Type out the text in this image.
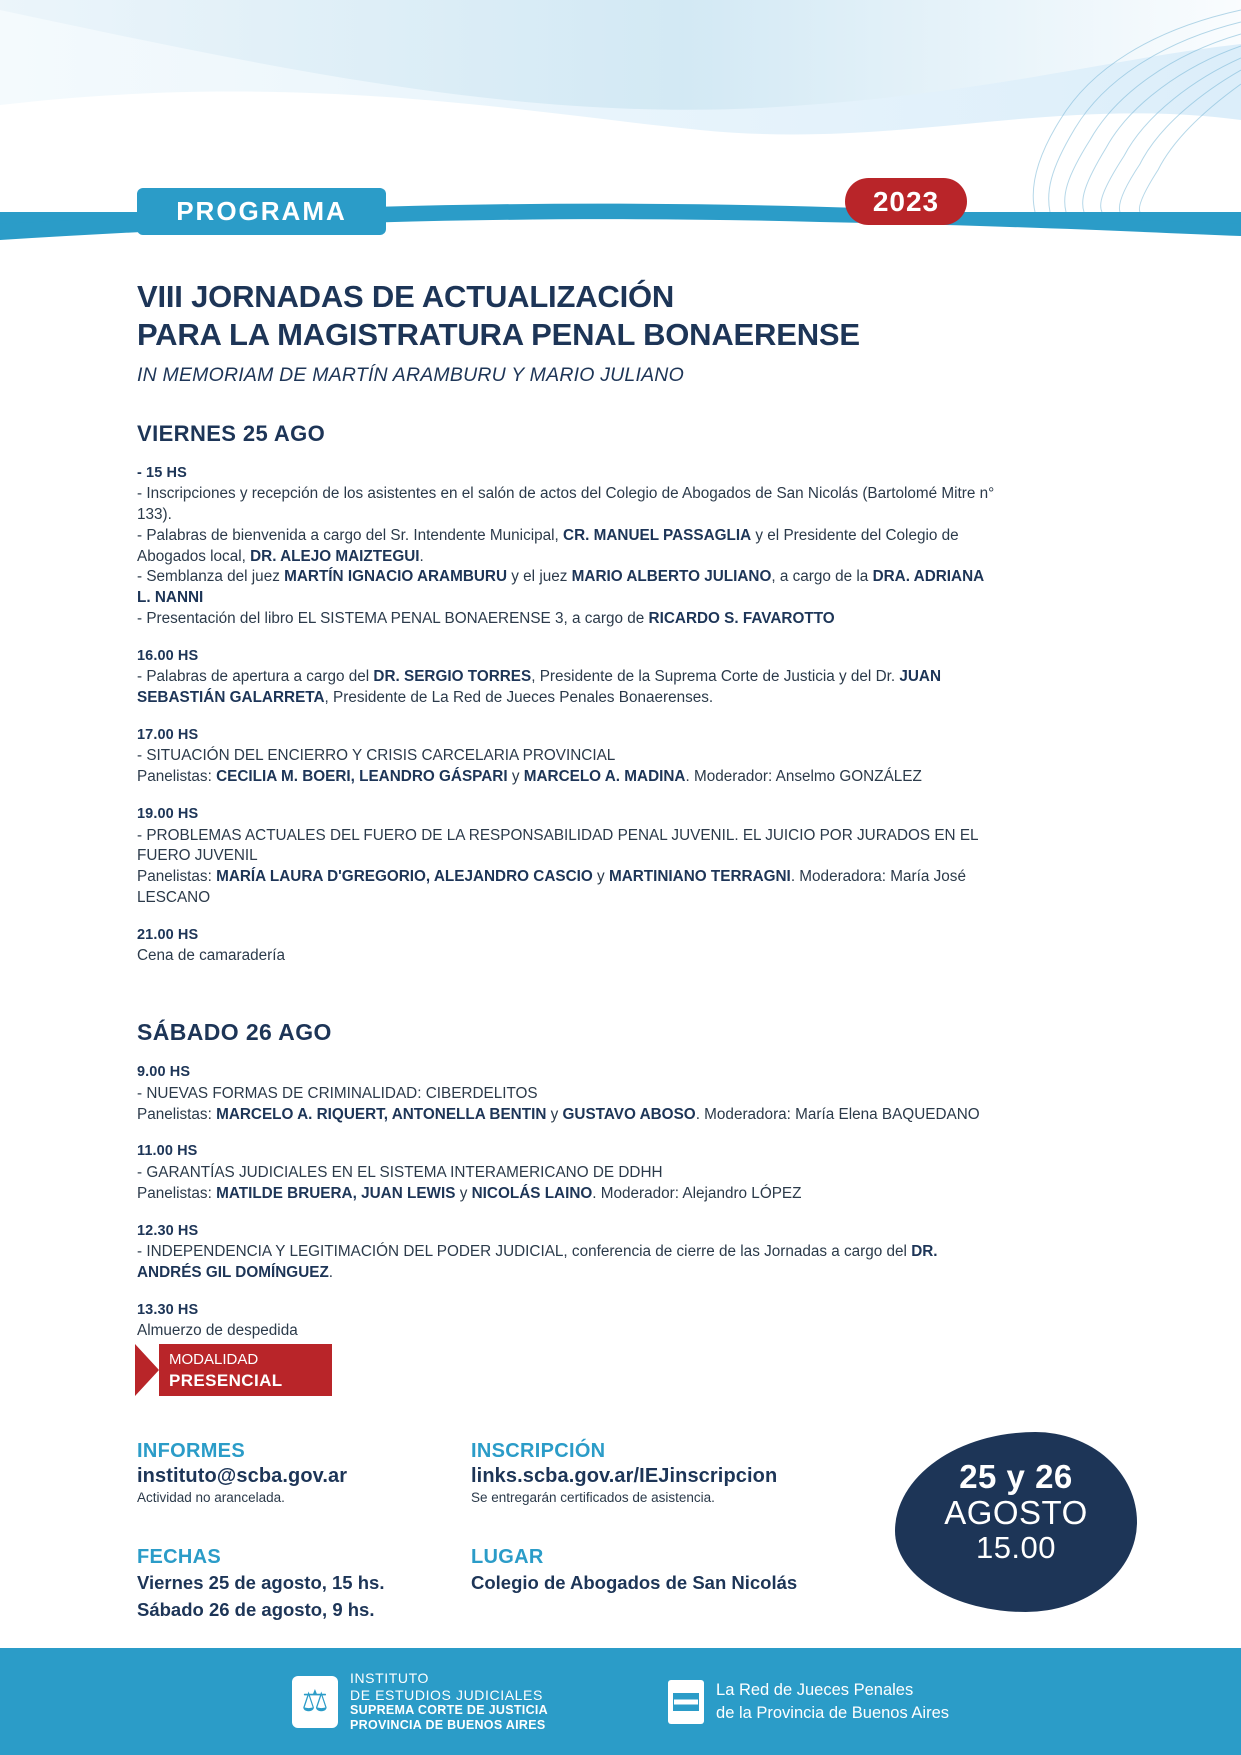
PROGRAMA	2023
VIII JORNADAS DE ACTUALIZACIÓN
PARA LA MAGISTRATURA PENAL BONAERENSE
IN MEMORIAM DE MARTÍN ARAMBURU Y MARIO JULIANO
VIERNES 25 AGO
- 15 HS
- Inscripciones y recepción de los asistentes en el salón de actos del Colegio de Abogados de San Nicolás (Bartolomé Mitre n° 133).
- Palabras de bienvenida a cargo del Sr. Intendente Municipal, CR. MANUEL PASSAGLIA y el Presidente del Colegio de Abogados local, DR. ALEJO MAIZTEGUI.
- Semblanza del juez MARTÍN IGNACIO ARAMBURU y el juez MARIO ALBERTO JULIANO, a cargo de la DRA. ADRIANA L. NANNI
- Presentación del libro EL SISTEMA PENAL BONAERENSE 3, a cargo de RICARDO S. FAVAROTTO
16.00 HS
- Palabras de apertura a cargo del DR. SERGIO TORRES, Presidente de la Suprema Corte de Justicia y del Dr. JUAN SEBASTIÁN GALARRETA, Presidente de La Red de Jueces Penales Bonaerenses.
17.00 HS
- SITUACIÓN DEL ENCIERRO Y CRISIS CARCELARIA PROVINCIAL
Panelistas: CECILIA M. BOERI, LEANDRO GÁSPARI y MARCELO A. MADINA. Moderador: Anselmo GONZÁLEZ
19.00 HS
- PROBLEMAS ACTUALES DEL FUERO DE LA RESPONSABILIDAD PENAL JUVENIL. EL JUICIO POR JURADOS EN EL FUERO JUVENIL
Panelistas: MARÍA LAURA D'GREGORIO, ALEJANDRO CASCIO y MARTINIANO TERRAGNI. Moderadora: María José LESCANO
21.00 HS
Cena de camaradería
SÁBADO 26 AGO
9.00 HS
- NUEVAS FORMAS DE CRIMINALIDAD: CIBERDELITOS
Panelistas: MARCELO A. RIQUERT, ANTONELLA BENTIN y GUSTAVO ABOSO. Moderadora: María Elena BAQUEDANO
11.00 HS
- GARANTÍAS JUDICIALES EN EL SISTEMA INTERAMERICANO DE DDHH
Panelistas: MATILDE BRUERA, JUAN LEWIS y NICOLÁS LAINO. Moderador: Alejandro LÓPEZ
12.30 HS
- INDEPENDENCIA Y LEGITIMACIÓN DEL PODER JUDICIAL, conferencia de cierre de las Jornadas a cargo del DR. ANDRÉS GIL DOMÍNGUEZ.
13.30 HS
Almuerzo de despedida
MODALIDAD
PRESENCIAL
INFORMES
instituto@scba.gov.ar
Actividad no arancelada.
INSCRIPCIÓN
links.scba.gov.ar/IEJinscripcion
Se entregarán certificados de asistencia.
FECHAS
Viernes 25 de agosto, 15 hs.
Sábado 26 de agosto, 9 hs.
LUGAR
Colegio de Abogados de San Nicolás
25 y 26
AGOSTO
15.00
⚖
INSTITUTO
DE ESTUDIOS JUDICIALES
SUPREMA CORTE DE JUSTICIA
PROVINCIA DE BUENOS AIRES
La Red de Jueces Penales
de la Provincia de Buenos Aires
